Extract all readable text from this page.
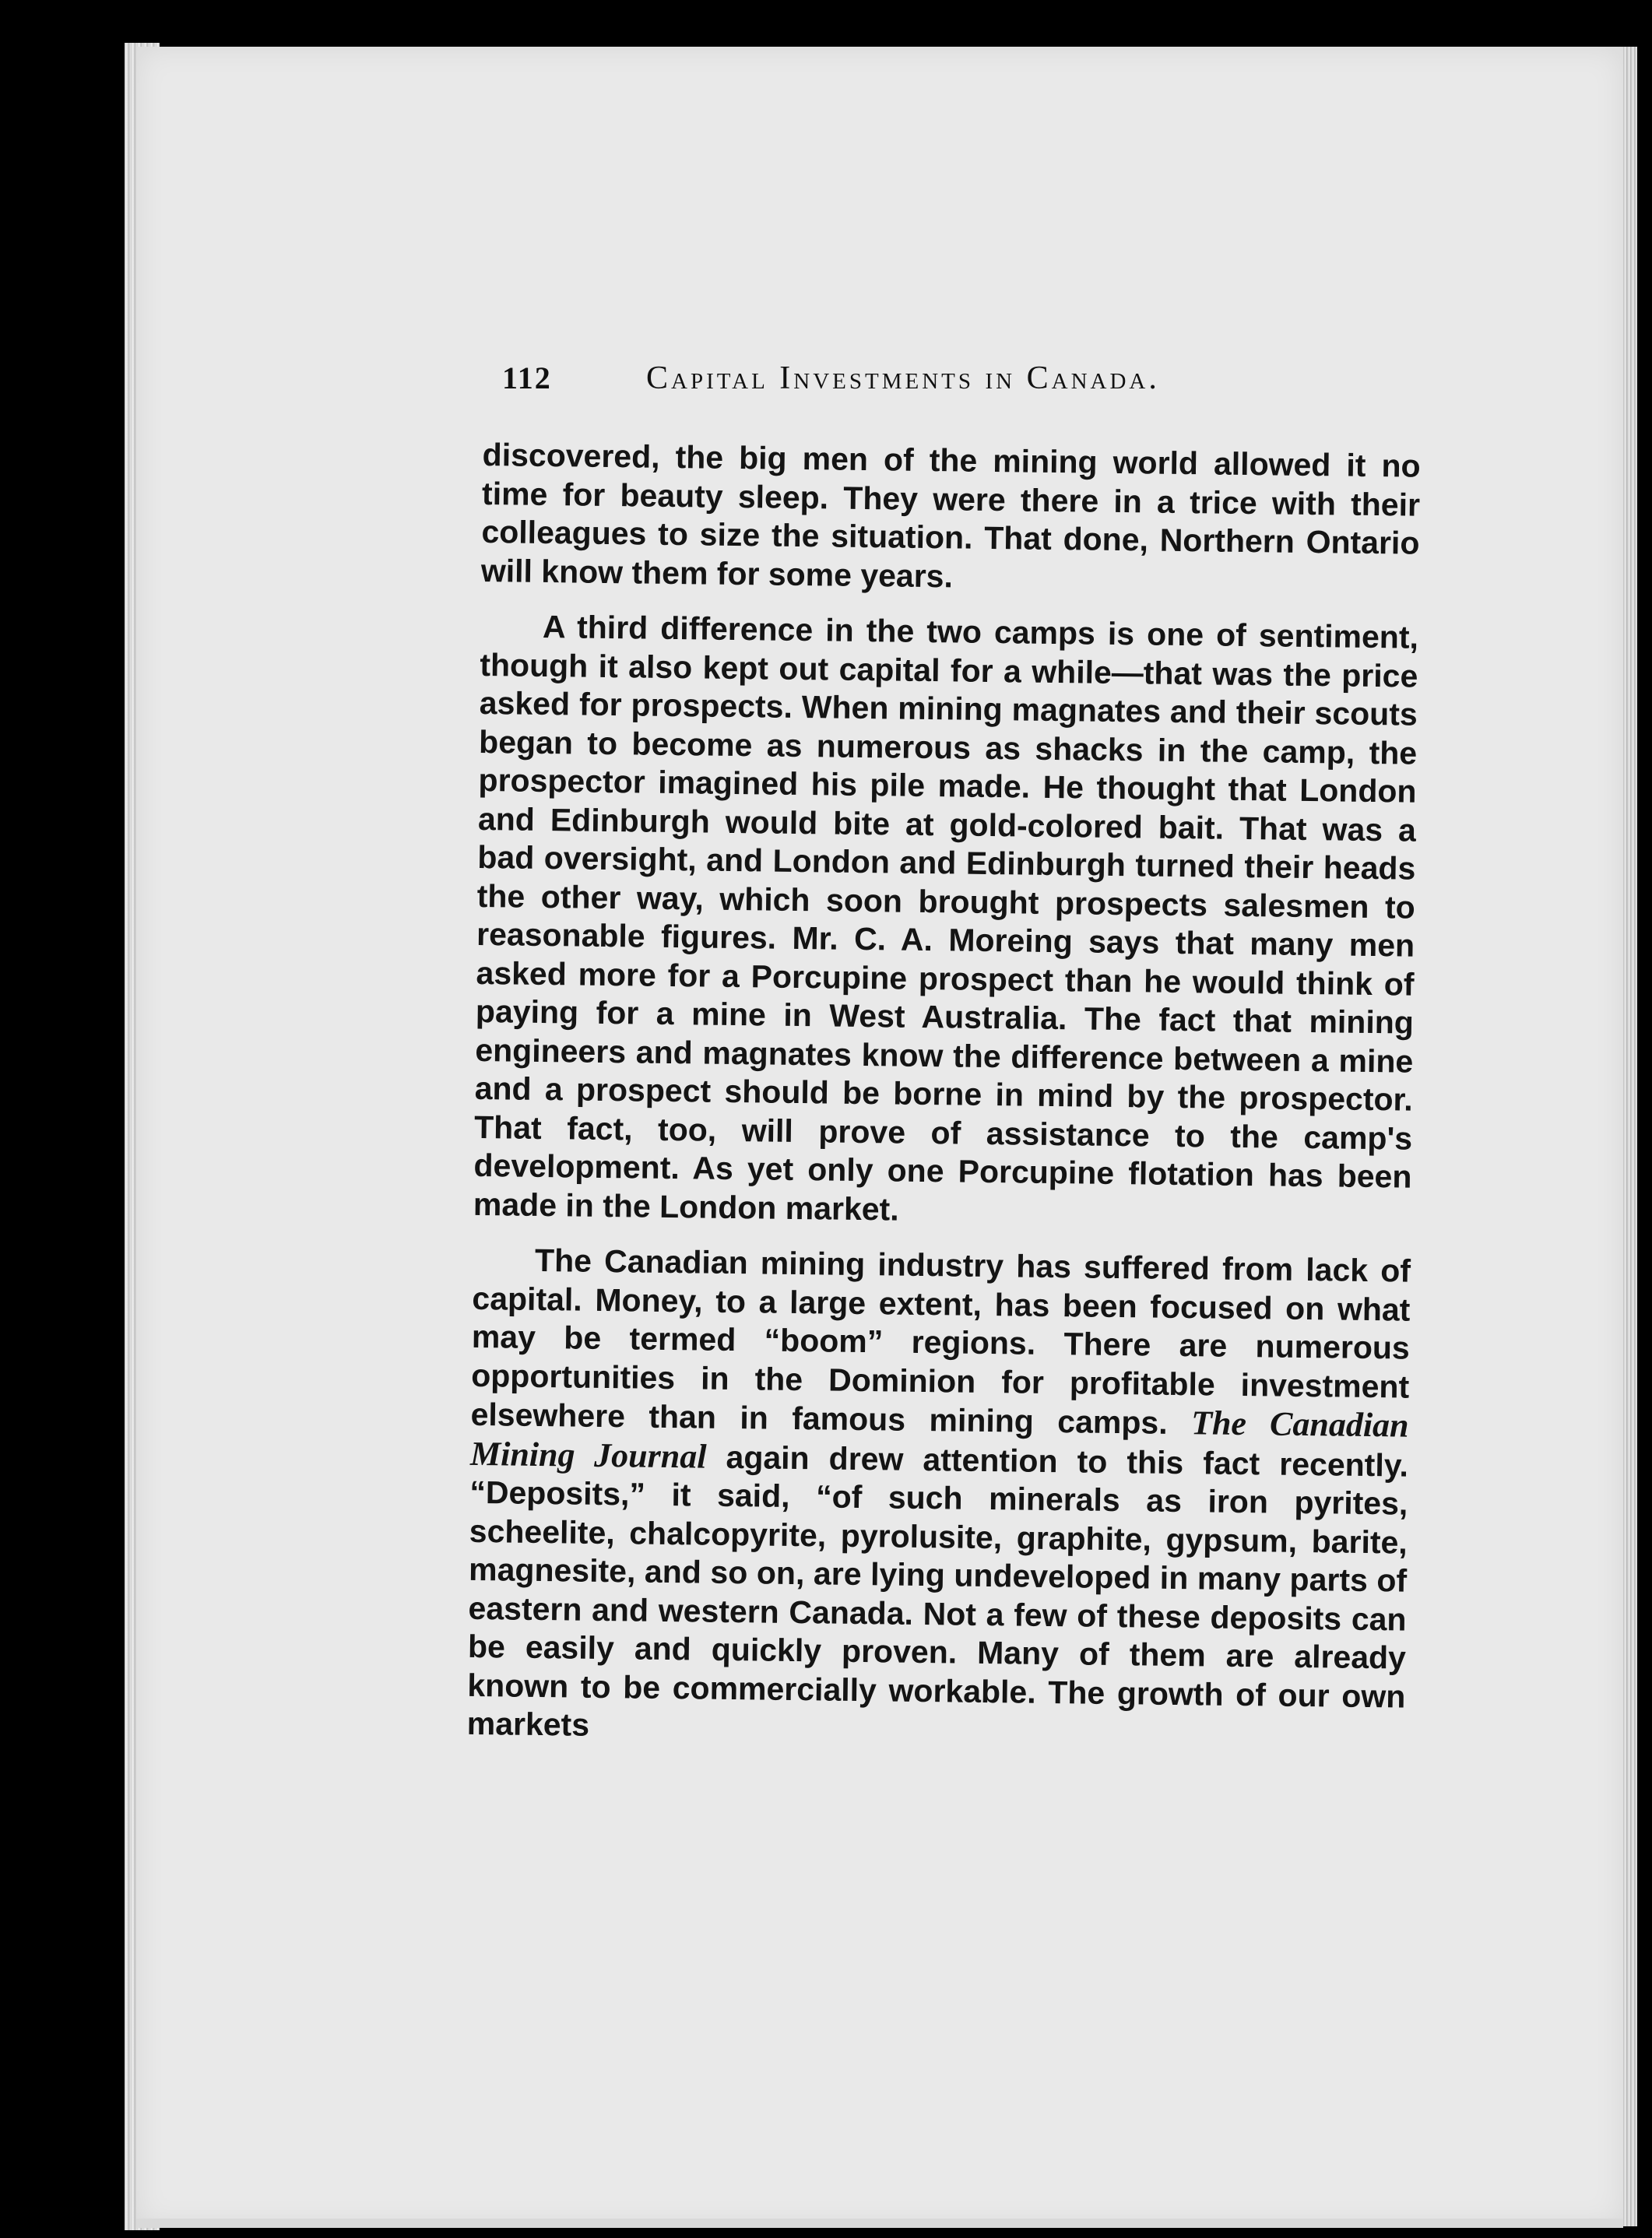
112	Capital Investments in Canada.

discovered, the big men of the mining world allowed it no time for beauty sleep. They were there in a trice with their colleagues to size the situation. That done, Northern Ontario will know them for some years.

A third difference in the two camps is one of sentiment, though it also kept out capital for a while—that was the price asked for prospects. When mining magnates and their scouts began to become as numerous as shacks in the camp, the prospector imagined his pile made. He thought that London and Edinburgh would bite at gold-colored bait. That was a bad oversight, and London and Edinburgh turned their heads the other way, which soon brought prospects salesmen to reasonable figures. Mr. C. A. Moreing says that many men asked more for a Porcupine prospect than he would think of paying for a mine in West Australia. The fact that mining engineers and magnates know the difference between a mine and a prospect should be borne in mind by the prospector. That fact, too, will prove of assistance to the camp's development. As yet only one Porcupine flotation has been made in the London market.

The Canadian mining industry has suffered from lack of capital. Money, to a large extent, has been focused on what may be termed “boom” regions. There are numerous opportunities in the Dominion for profitable investment elsewhere than in famous mining camps. The Canadian Mining Journal again drew attention to this fact recently. “Deposits,” it said, “of such minerals as iron pyrites, scheelite, chalcopyrite, pyrolusite, graphite, gypsum, barite, magnesite, and so on, are lying undeveloped in many parts of eastern and western Canada. Not a few of these deposits can be easily and quickly proven. Many of them are already known to be commercially workable. The growth of our own markets
